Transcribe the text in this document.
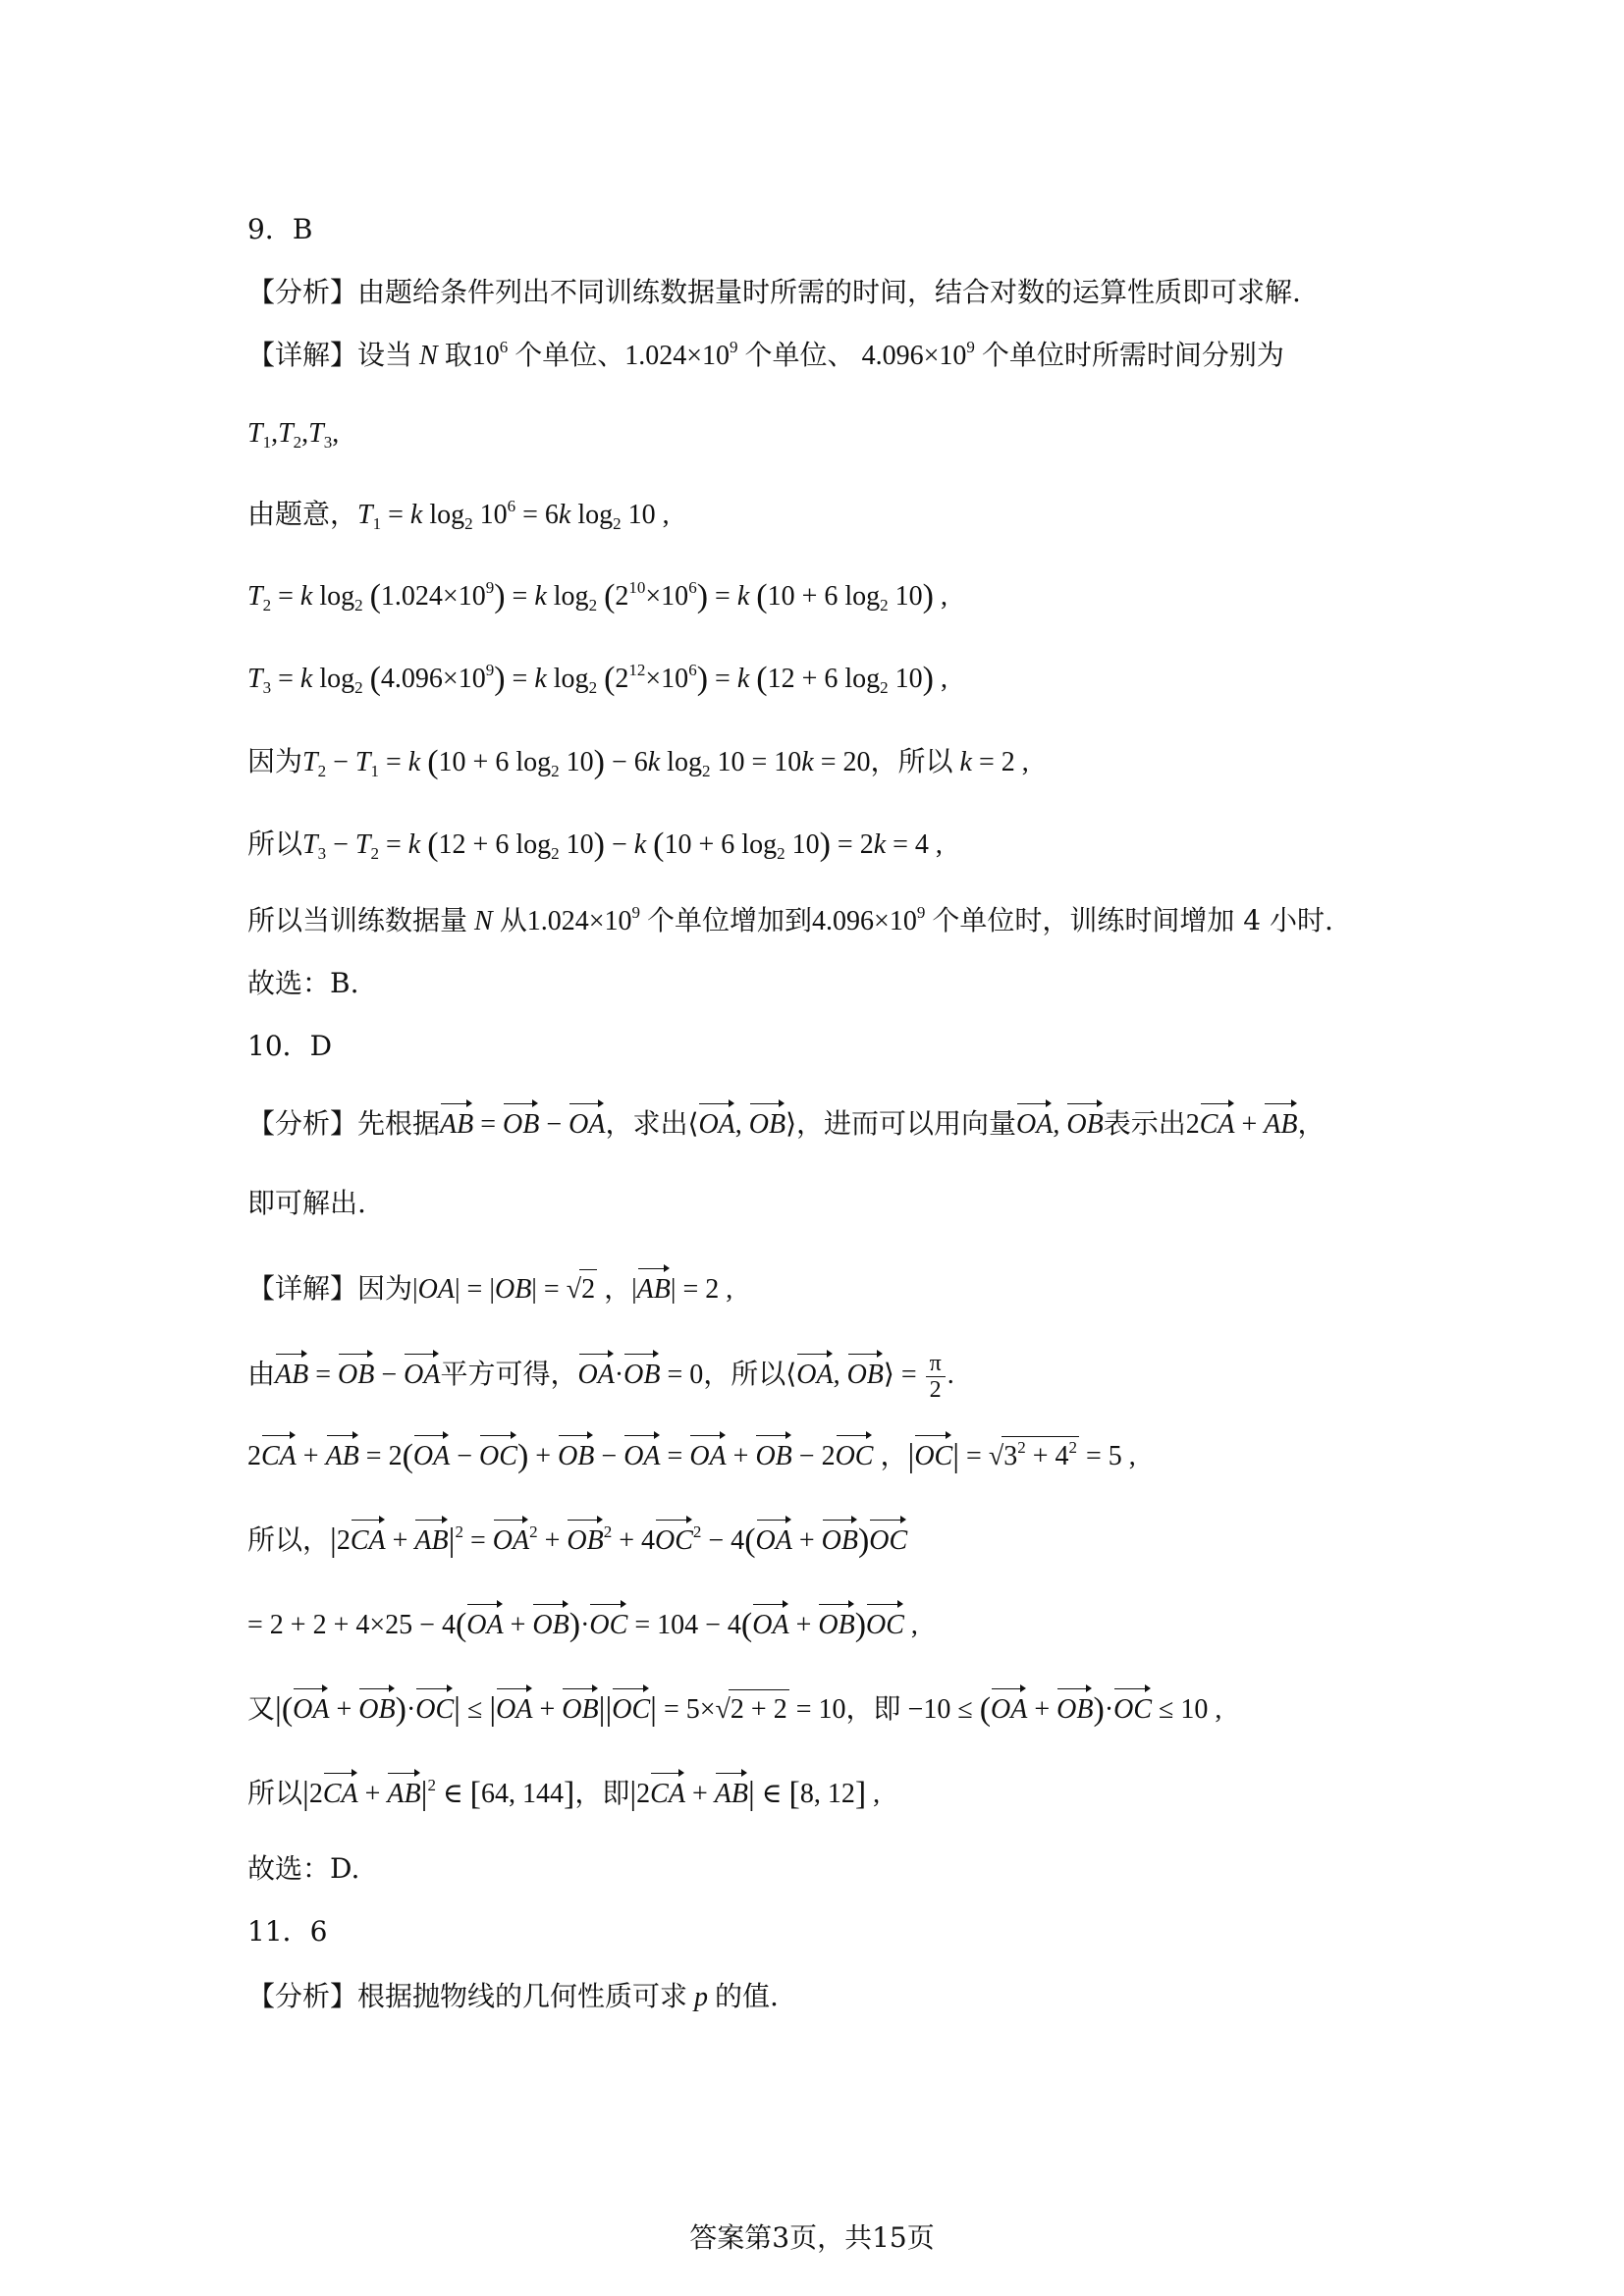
9．B
【分析】由题给条件列出不同训练数据量时所需的时间，结合对数的运算性质即可求解.
【详解】设当 N 取$10^6$ 个单位、$1.024\times 10^9$ 个单位、 $4.096\times 10^9$ 个单位时所需时间分别为
$T_1,T_2,T_3$,
由题意，$T_1 = k$ $\log_2 10^6 = 6k$ $\log_2 10$ ,
$T_2 = k$ $\log_2 (1.024\times 10^9) = k$ $\log_2 (2^{10}\times 10^6) = k$ (10 + 6 $\log_2 10$) ,
$T_3 = k$ $\log_2 (4.096\times 10^9) = k$ $\log_2 (2^{12}\times 10^6) = k$ (12 + 6 $\log_2 10$) ,
因为$T_2 - T_1 = k$ (10 + 6 $\log_2 10) - 6k$ $\log_2 10 = 10k = 20$，所以 k = 2 ,
所以$T_3 - T_2 = k$ (12 + 6 $\log_2 10) - k$ (10 + 6 $\log_2 10) = 2k = 4$ ,
所以当训练数据量 N 从$1.024\times 10^9$ 个单位增加到$4.096\times 10^9$ 个单位时，训练时间增加 4 小时.
故选：B.
10．D
【分析】先根据AB = OB − OA，求出⟨OA, OB⟩，进而可以用向量OA, OB表示出2CA + AB，
即可解出.
【详解】因为|OA| = |OB| = √2 ，|AB| = 2 ,
由AB = OB − OA平方可得，OA·OB = 0，所以⟨OA, OB⟩ = $\frac{\pi}{2}$ .
2CA + AB = 2(OA − OC) + OB − OA = OA + OB − 2OC ，$|OC| = √3^2 + 4^2 = 5$ ,
所以，$|2CA + AB|^2 = OA^2 + OB^2 + 4OC^2 - 4(OA + OB)OC$
= 2 + 2 + 4×25 − 4(OA + OB)·OC = 104 − 4(OA + OB)OC ,
又|(OA + OB)·OC| ≤ |OA + OB||OC| = 5×√2 + 2 = 10，即 −10 ≤ (OA + OB)·OC ≤ 10 ,
所以$|2CA + AB|^2$ ∈ [64, 144]，即|2CA + AB| ∈ [8, 12] ,
故选：D.
11．6
【分析】根据抛物线的几何性质可求 p 的值.
答案第3页，共15页
